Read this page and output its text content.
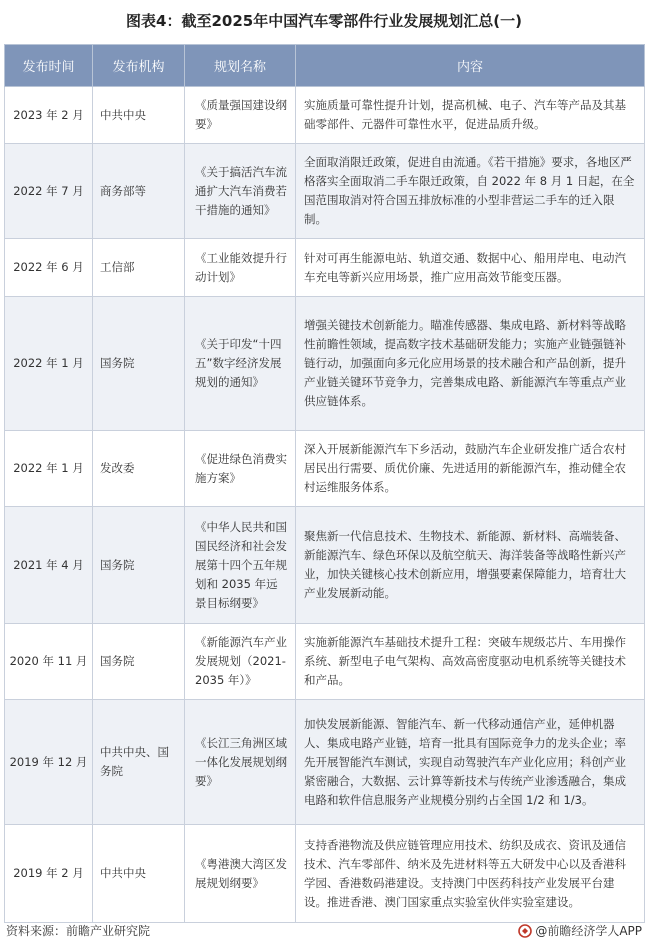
图表4：截至2025年中国汽车零部件行业发展规划汇总(一)
发布时间	发布机构	规划名称	内容
2023 年 2 月	中共中央	《质量强国建设纲要》	实施质量可靠性提升计划，提高机械、电子、汽车等产品及其基础零部件、元器件可靠性水平，促进品质升级。
2022 年 7 月	商务部等	《关于搞活汽车流通扩大汽车消费若干措施的通知》	全面取消限迁政策，促进自由流通。《若干措施》要求，各地区严格落实全面取消二手车限迁政策，自 2022 年 8 月 1 日起，在全国范围取消对符合国五排放标准的小型非营运二手车的迁入限制。
2022 年 6 月	工信部	《工业能效提升行动计划》	针对可再生能源电站、轨道交通、数据中心、船用岸电、电动汽车充电等新兴应用场景，推广应用高效节能变压器。
2022 年 1 月	国务院	《关于印发“十四五”数字经济发展规划的通知》	增强关键技术创新能力。瞄准传感器、集成电路、新材料等战略性前瞻性领域，提高数字技术基础研发能力；实施产业链强链补链行动，加强面向多元化应用场景的技术融合和产品创新，提升产业链关键环节竞争力，完善集成电路、新能源汽车等重点产业供应链体系。
2022 年 1 月	发改委	《促进绿色消费实施方案》	深入开展新能源汽车下乡活动，鼓励汽车企业研发推广适合农村居民出行需要、质优价廉、先进适用的新能源汽车，推动健全农村运维服务体系。
2021 年 4 月	国务院	《中华人民共和国国民经济和社会发展第十四个五年规划和 2035 年远景目标纲要》	聚焦新一代信息技术、生物技术、新能源、新材料、高端装备、新能源汽车、绿色环保以及航空航天、海洋装备等战略性新兴产业，加快关键核心技术创新应用，增强要素保障能力，培育壮大产业发展新动能。
2020 年 11 月	国务院	《新能源汽车产业发展规划（2021-2035 年）》	实施新能源汽车基础技术提升工程：突破车规级芯片、车用操作系统、新型电子电气架构、高效高密度驱动电机系统等关键技术和产品。
2019 年 12 月	中共中央、国务院	《长江三角洲区域一体化发展规划纲要》	加快发展新能源、智能汽车、新一代移动通信产业，延伸机器人、集成电路产业链，培育一批具有国际竞争力的龙头企业；率先开展智能汽车测试，实现自动驾驶汽车产业化应用；科创产业紧密融合，大数据、云计算等新技术与传统产业渗透融合，集成电路和软件信息服务产业规模分别约占全国 1/2 和 1/3。
2019 年 2 月	中共中央	《粤港澳大湾区发展规划纲要》	支持香港物流及供应链管理应用技术、纺织及成衣、资讯及通信技术、汽车零部件、纳米及先进材料等五大研发中心以及香港科学园、香港数码港建设。支持澳门中医药科技产业发展平台建设。推进香港、澳门国家重点实验室伙伴实验室建设。
资料来源：前瞻产业研究院	@前瞻经济学人APP
